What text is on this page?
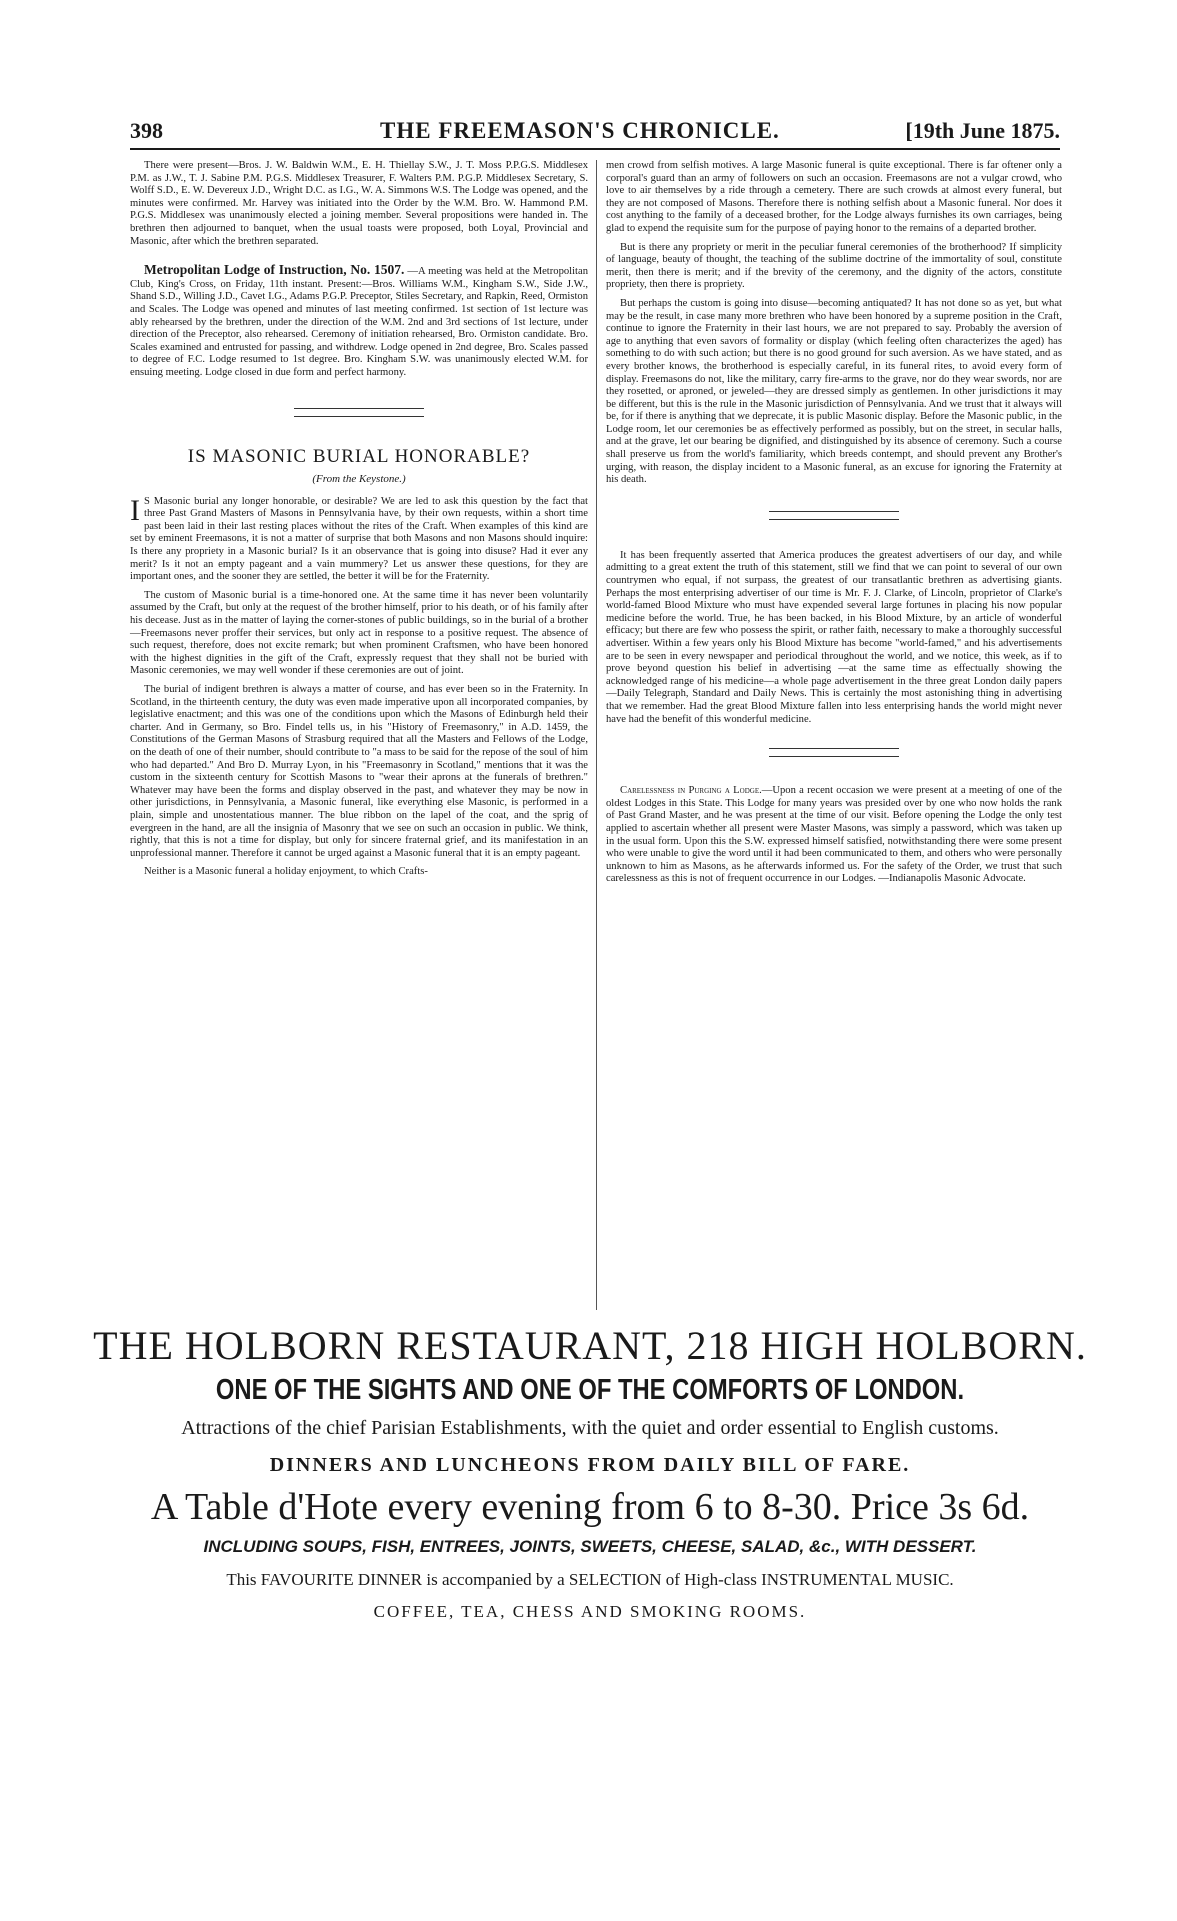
398	THE FREEMASON'S CHRONICLE.	[19th June 1875.

There were present—Bros. J. W. Baldwin W.M., E. H. Thiellay S.W., J. T. Moss P.P.G.S. Middlesex P.M. as J.W., T. J. Sabine P.M. P.G.S. Middlesex Treasurer, F. Walters P.M. P.G.P. Middlesex Secretary, S. Wolff S.D., E. W. Devereux J.D., Wright D.C. as I.G., W. A. Simmons W.S. The Lodge was opened, and the minutes were confirmed. Mr. Harvey was initiated into the Order by the W.M. Bro. W. Hammond P.M. P.G.S. Middlesex was unanimously elected a joining member. Several propositions were handed in. The brethren then adjourned to banquet, when the usual toasts were proposed, both Loyal, Provincial and Masonic, after which the brethren separated.

Metropolitan Lodge of Instruction, No. 1507. —A meeting was held at the Metropolitan Club, King's Cross, on Friday, 11th instant. Present:—Bros. Williams W.M., Kingham S.W., Side J.W., Shand S.D., Willing J.D., Cavet I.G., Adams P.G.P. Preceptor, Stiles Secretary, and Rapkin, Reed, Ormiston and Scales. The Lodge was opened and minutes of last meeting confirmed. 1st section of 1st lecture was ably rehearsed by the brethren, under the direction of the W.M. 2nd and 3rd sections of 1st lecture, under direction of the Preceptor, also rehearsed. Ceremony of initiation rehearsed, Bro. Ormiston candidate. Bro. Scales examined and entrusted for passing, and withdrew. Lodge opened in 2nd degree, Bro. Scales passed to degree of F.C. Lodge resumed to 1st degree. Bro. Kingham S.W. was unanimously elected W.M. for ensuing meeting. Lodge closed in due form and perfect harmony.

IS MASONIC BURIAL HONORABLE?
(From the Keystone.)

I S Masonic burial any longer honorable, or desirable? We are led to ask this question by the fact that three Past Grand Masters of Masons in Pennsylvania have, by their own requests, within a short time past been laid in their last resting places without the rites of the Craft. When examples of this kind are set by eminent Freemasons, it is not a matter of surprise that both Masons and non Masons should inquire: Is there any propriety in a Masonic burial? Is it an observance that is going into disuse? Had it ever any merit? Is it not an empty pageant and a vain mummery? Let us answer these questions, for they are important ones, and the sooner they are settled, the better it will be for the Fraternity.

The custom of Masonic burial is a time-honored one. At the same time it has never been voluntarily assumed by the Craft, but only at the request of the brother himself, prior to his death, or of his family after his decease. Just as in the matter of laying the corner-stones of public buildings, so in the burial of a brother—Freemasons never proffer their services, but only act in response to a positive request. The absence of such request, therefore, does not excite remark; but when prominent Craftsmen, who have been honored with the highest dignities in the gift of the Craft, expressly request that they shall not be buried with Masonic ceremonies, we may well wonder if these ceremonies are out of joint.

The burial of indigent brethren is always a matter of course, and has ever been so in the Fraternity. In Scotland, in the thirteenth century, the duty was even made imperative upon all incorporated companies, by legislative enactment; and this was one of the conditions upon which the Masons of Edinburgh held their charter. And in Germany, so Bro. Findel tells us, in his "History of Freemasonry," in A.D. 1459, the Constitutions of the German Masons of Strasburg required that all the Masters and Fellows of the Lodge, on the death of one of their number, should contribute to "a mass to be said for the repose of the soul of him who had departed." And Bro D. Murray Lyon, in his "Freemasonry in Scotland," mentions that it was the custom in the sixteenth century for Scottish Masons to "wear their aprons at the funerals of brethren." Whatever may have been the forms and display observed in the past, and whatever they may be now in other jurisdictions, in Pennsylvania, a Masonic funeral, like everything else Masonic, is performed in a plain, simple and unostentatious manner. The blue ribbon on the lapel of the coat, and the sprig of evergreen in the hand, are all the insignia of Masonry that we see on such an occasion in public. We think, rightly, that this is not a time for display, but only for sincere fraternal grief, and its manifestation in an unprofessional manner. Therefore it cannot be urged against a Masonic funeral that it is an empty pageant.

Neither is a Masonic funeral a holiday enjoyment, to which Crafts-

men crowd from selfish motives. A large Masonic funeral is quite exceptional. There is far oftener only a corporal's guard than an army of followers on such an occasion. Freemasons are not a vulgar crowd, who love to air themselves by a ride through a cemetery. There are such crowds at almost every funeral, but they are not composed of Masons. Therefore there is nothing selfish about a Masonic funeral. Nor does it cost anything to the family of a deceased brother, for the Lodge always furnishes its own carriages, being glad to expend the requisite sum for the purpose of paying honor to the remains of a departed brother.

But is there any propriety or merit in the peculiar funeral ceremonies of the brotherhood? If simplicity of language, beauty of thought, the teaching of the sublime doctrine of the immortality of soul, constitute merit, then there is merit; and if the brevity of the ceremony, and the dignity of the actors, constitute propriety, then there is propriety.

But perhaps the custom is going into disuse—becoming antiquated? It has not done so as yet, but what may be the result, in case many more brethren who have been honored by a supreme position in the Craft, continue to ignore the Fraternity in their last hours, we are not prepared to say. Probably the aversion of age to anything that even savors of formality or display (which feeling often characterizes the aged) has something to do with such action; but there is no good ground for such aversion. As we have stated, and as every brother knows, the brotherhood is especially careful, in its funeral rites, to avoid every form of display. Freemasons do not, like the military, carry fire-arms to the grave, nor do they wear swords, nor are they rosetted, or aproned, or jeweled—they are dressed simply as gentlemen. In other jurisdictions it may be different, but this is the rule in the Masonic jurisdiction of Pennsylvania. And we trust that it always will be, for if there is anything that we deprecate, it is public Masonic display. Before the Masonic public, in the Lodge room, let our ceremonies be as effectively performed as possibly, but on the street, in secular halls, and at the grave, let our bearing be dignified, and distinguished by its absence of ceremony. Such a course shall preserve us from the world's familiarity, which breeds contempt, and should prevent any Brother's urging, with reason, the display incident to a Masonic funeral, as an excuse for ignoring the Fraternity at his death.

It has been frequently asserted that America produces the greatest advertisers of our day, and while admitting to a great extent the truth of this statement, still we find that we can point to several of our own countrymen who equal, if not surpass, the greatest of our transatlantic brethren as advertising giants. Perhaps the most enterprising advertiser of our time is Mr. F. J. Clarke, of Lincoln, proprietor of Clarke's world-famed Blood Mixture who must have expended several large fortunes in placing his now popular medicine before the world. True, he has been backed, in his Blood Mixture, by an article of wonderful efficacy; but there are few who possess the spirit, or rather faith, necessary to make a thoroughly successful advertiser. Within a few years only his Blood Mixture has become "world-famed," and his advertisements are to be seen in every newspaper and periodical throughout the world, and we notice, this week, as if to prove beyond question his belief in advertising —at the same time as effectually showing the acknowledged range of his medicine—a whole page advertisement in the three great London daily papers—Daily Telegraph, Standard and Daily News. This is certainly the most astonishing thing in advertising that we remember. Had the great Blood Mixture fallen into less enterprising hands the world might never have had the benefit of this wonderful medicine.

Carelessness in Purging a Lodge.—Upon a recent occasion we were present at a meeting of one of the oldest Lodges in this State. This Lodge for many years was presided over by one who now holds the rank of Past Grand Master, and he was present at the time of our visit. Before opening the Lodge the only test applied to ascertain whether all present were Master Masons, was simply a password, which was taken up in the usual form. Upon this the S.W. expressed himself satisfied, notwithstanding there were some present who were unable to give the word until it had been communicated to them, and others who were personally unknown to him as Masons, as he afterwards informed us. For the safety of the Order, we trust that such carelessness as this is not of frequent occurrence in our Lodges. —Indianapolis Masonic Advocate.

THE HOLBORN RESTAURANT, 218 HIGH HOLBORN.
ONE OF THE SIGHTS AND ONE OF THE COMFORTS OF LONDON.
Attractions of the chief Parisian Establishments, with the quiet and order essential to English customs.
DINNERS AND LUNCHEONS FROM DAILY BILL OF FARE.
A Table d'Hote every evening from 6 to 8-30. Price 3s 6d.
INCLUDING SOUPS, FISH, ENTREES, JOINTS, SWEETS, CHEESE, SALAD, &c., WITH DESSERT.
This FAVOURITE DINNER is accompanied by a SELECTION of High-class INSTRUMENTAL MUSIC.
COFFEE, TEA, CHESS AND SMOKING ROOMS.
